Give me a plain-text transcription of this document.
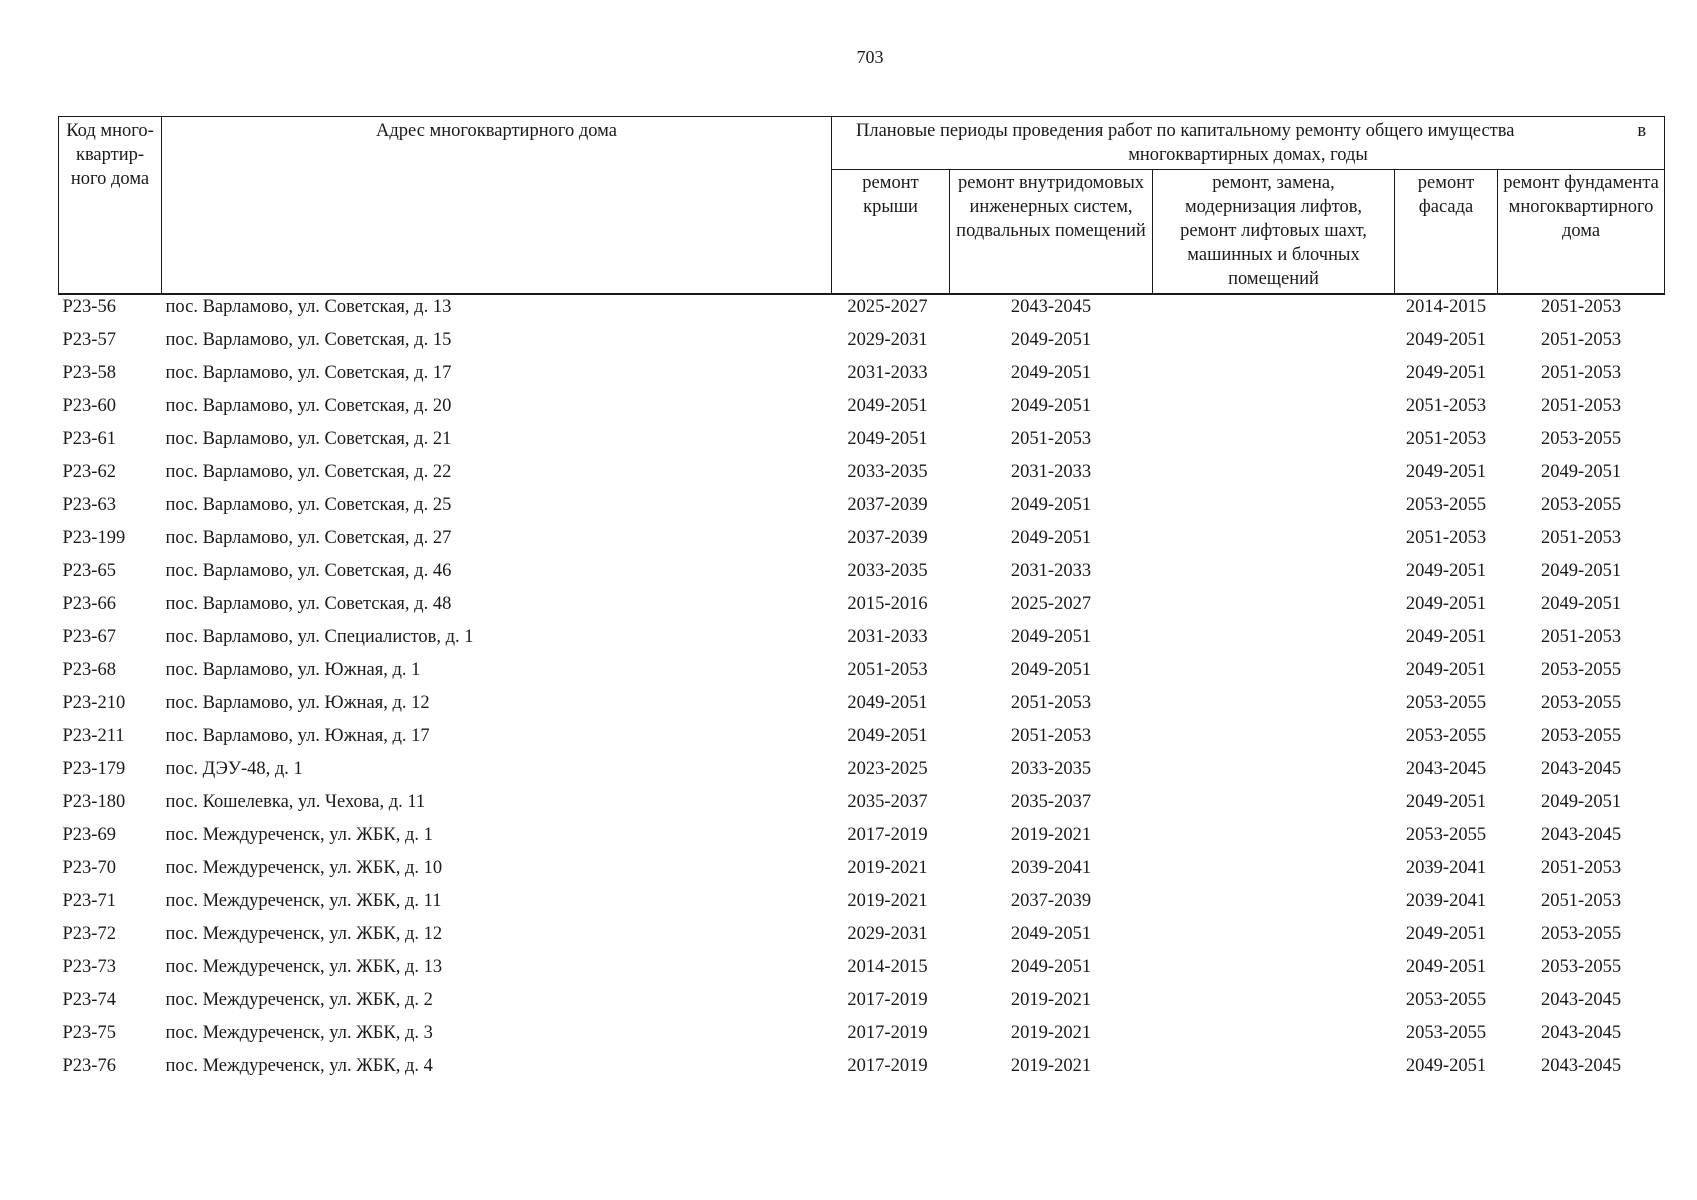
703
Код много-квартир-ного дома	Адрес многоквартирного дома	Плановые периоды проведения работ по капитальному ремонту общего имущества в
многоквартирных домах, годы				

		ремонт крыши	ремонт внутридомовых инженерных систем, подвальных помещений	ремонт, замена, модернизация лифтов, ремонт лифтовых шахт, машинных и блочных помещений	ремонт фасада	ремонт фундамента многоквартирного дома
Р23-56	пос. Варламово, ул. Советская, д. 13	2025-2027	2043-2045		2014-2015	2051-2053
Р23-57	пос. Варламово, ул. Советская, д. 15	2029-2031	2049-2051		2049-2051	2051-2053
Р23-58	пос. Варламово, ул. Советская, д. 17	2031-2033	2049-2051		2049-2051	2051-2053
Р23-60	пос. Варламово, ул. Советская, д. 20	2049-2051	2049-2051		2051-2053	2051-2053
Р23-61	пос. Варламово, ул. Советская, д. 21	2049-2051	2051-2053		2051-2053	2053-2055
Р23-62	пос. Варламово, ул. Советская, д. 22	2033-2035	2031-2033		2049-2051	2049-2051
Р23-63	пос. Варламово, ул. Советская, д. 25	2037-2039	2049-2051		2053-2055	2053-2055
Р23-199	пос. Варламово, ул. Советская, д. 27	2037-2039	2049-2051		2051-2053	2051-2053
Р23-65	пос. Варламово, ул. Советская, д. 46	2033-2035	2031-2033		2049-2051	2049-2051
Р23-66	пос. Варламово, ул. Советская, д. 48	2015-2016	2025-2027		2049-2051	2049-2051
Р23-67	пос. Варламово, ул. Специалистов, д. 1	2031-2033	2049-2051		2049-2051	2051-2053
Р23-68	пос. Варламово, ул. Южная, д. 1	2051-2053	2049-2051		2049-2051	2053-2055
Р23-210	пос. Варламово, ул. Южная, д. 12	2049-2051	2051-2053		2053-2055	2053-2055
Р23-211	пос. Варламово, ул. Южная, д. 17	2049-2051	2051-2053		2053-2055	2053-2055
Р23-179	пос. ДЭУ-48, д. 1	2023-2025	2033-2035		2043-2045	2043-2045
Р23-180	пос. Кошелевка, ул. Чехова, д. 11	2035-2037	2035-2037		2049-2051	2049-2051
Р23-69	пос. Междуреченск, ул. ЖБК, д. 1	2017-2019	2019-2021		2053-2055	2043-2045
Р23-70	пос. Междуреченск, ул. ЖБК, д. 10	2019-2021	2039-2041		2039-2041	2051-2053
Р23-71	пос. Междуреченск, ул. ЖБК, д. 11	2019-2021	2037-2039		2039-2041	2051-2053
Р23-72	пос. Междуреченск, ул. ЖБК, д. 12	2029-2031	2049-2051		2049-2051	2053-2055
Р23-73	пос. Междуреченск, ул. ЖБК, д. 13	2014-2015	2049-2051		2049-2051	2053-2055
Р23-74	пос. Междуреченск, ул. ЖБК, д. 2	2017-2019	2019-2021		2053-2055	2043-2045
Р23-75	пос. Междуреченск, ул. ЖБК, д. 3	2017-2019	2019-2021		2053-2055	2043-2045
Р23-76	пос. Междуреченск, ул. ЖБК, д. 4	2017-2019	2019-2021		2049-2051	2043-2045
